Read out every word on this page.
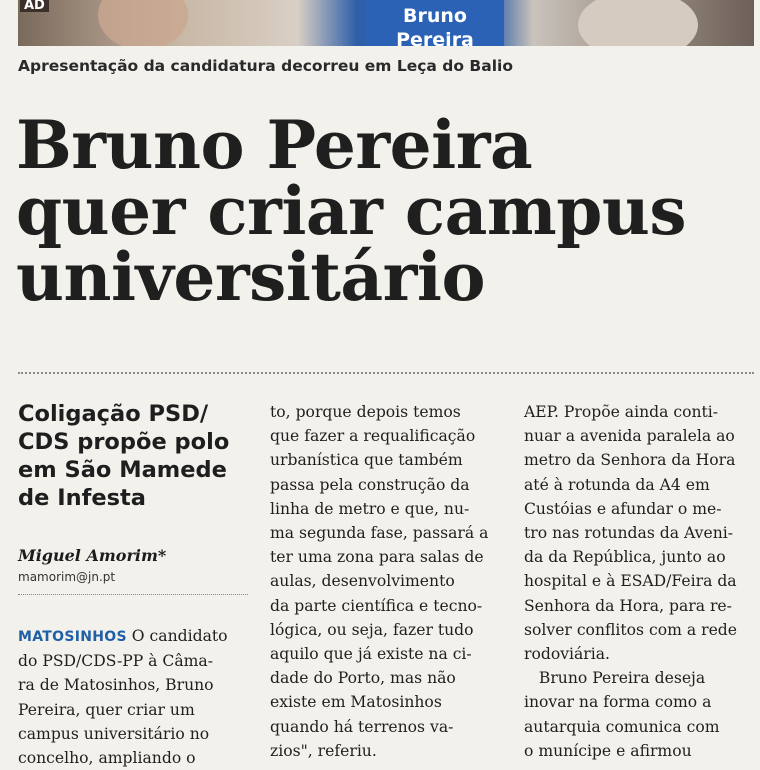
AD	Bruno
Pereira
Apresentação da candidatura decorreu em Leça do Balio
Bruno Pereira
quer criar campus
universitário
Coligação PSD/
CDS propõe polo
em São Mamede
de Infesta
Miguel Amorim*
mamorim@jn.pt
MATOSINHOS O candidato
do PSD/CDS-PP à Câma-
ra de Matosinhos, Bruno
Pereira, quer criar um
campus universitário no
concelho, ampliando o
to, porque depois temos
que fazer a requalificação
urbanística que também
passa pela construção da
linha de metro e que, nu-
ma segunda fase, passará a
ter uma zona para salas de
aulas, desenvolvimento
da parte científica e tecno-
lógica, ou seja, fazer tudo
aquilo que já existe na ci-
dade do Porto, mas não
existe em Matosinhos
quando há terrenos va-
zios", referiu.
AEP. Propõe ainda conti-
nuar a avenida paralela ao
metro da Senhora da Hora
até à rotunda da A4 em
Custóias e afundar o me-
tro nas rotundas da Aveni-
da da República, junto ao
hospital e à ESAD/Feira da
Senhora da Hora, para re-
solver conflitos com a rede
rodoviária.
Bruno Pereira deseja
inovar na forma como a
autarquia comunica com
o munícipe e afirmou
